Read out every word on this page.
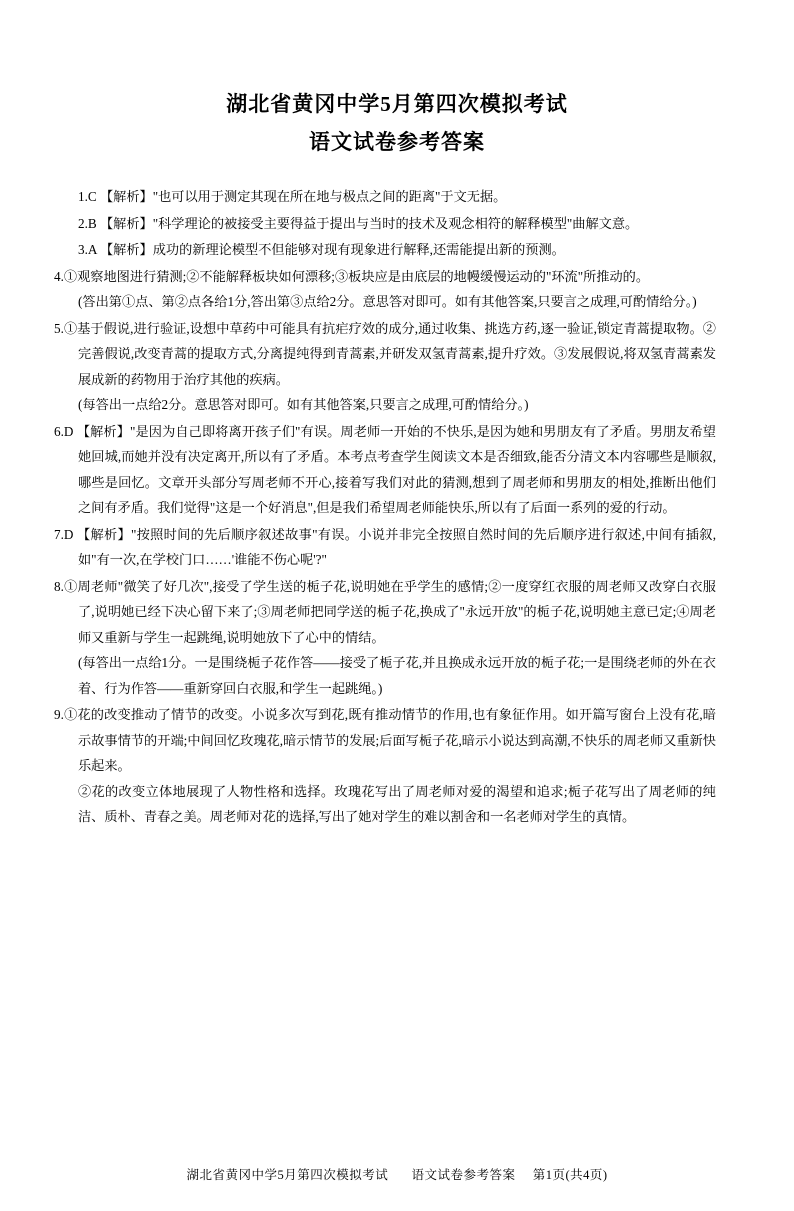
湖北省黄冈中学5月第四次模拟考试
语文试卷参考答案

1.C 【解析】"也可以用于测定其现在所在地与极点之间的距离"于文无据。

2.B 【解析】"科学理论的被接受主要得益于提出与当时的技术及观念相符的解释模型"曲解文意。

3.A 【解析】成功的新理论模型不但能够对现有现象进行解释,还需能提出新的预测。

4.①观察地图进行猜测;②不能解释板块如何漂移;③板块应是由底层的地幔缓慢运动的"环流"所推动的。

(答出第①点、第②点各给1分,答出第③点给2分。意思答对即可。如有其他答案,只要言之成理,可酌情给分。)

5.①基于假说,进行验证,设想中草药中可能具有抗疟疗效的成分,通过收集、挑选方药,逐一验证,锁定青蒿提取物。②完善假说,改变青蒿的提取方式,分离提纯得到青蒿素,并研发双氢青蒿素,提升疗效。③发展假说,将双氢青蒿素发展成新的药物用于治疗其他的疾病。

(每答出一点给2分。意思答对即可。如有其他答案,只要言之成理,可酌情给分。)

6.D 【解析】"是因为自己即将离开孩子们"有误。周老师一开始的不快乐,是因为她和男朋友有了矛盾。男朋友希望她回城,而她并没有决定离开,所以有了矛盾。本考点考查学生阅读文本是否细致,能否分清文本内容哪些是顺叙,哪些是回忆。文章开头部分写周老师不开心,接着写我们对此的猜测,想到了周老师和男朋友的相处,推断出他们之间有矛盾。我们觉得"这是一个好消息",但是我们希望周老师能快乐,所以有了后面一系列的爱的行动。

7.D 【解析】"按照时间的先后顺序叙述故事"有误。小说并非完全按照自然时间的先后顺序进行叙述,中间有插叙,如"有一次,在学校门口……'谁能不伤心呢'?"

8.①周老师"微笑了好几次",接受了学生送的栀子花,说明她在乎学生的感情;②一度穿红衣服的周老师又改穿白衣服了,说明她已经下决心留下来了;③周老师把同学送的栀子花,换成了"永远开放"的栀子花,说明她主意已定;④周老师又重新与学生一起跳绳,说明她放下了心中的情结。

(每答出一点给1分。一是围绕栀子花作答——接受了栀子花,并且换成永远开放的栀子花;一是围绕老师的外在衣着、行为作答——重新穿回白衣服,和学生一起跳绳。)

9.①花的改变推动了情节的改变。小说多次写到花,既有推动情节的作用,也有象征作用。如开篇写窗台上没有花,暗示故事情节的开端;中间回忆玫瑰花,暗示情节的发展;后面写栀子花,暗示小说达到高潮,不快乐的周老师又重新快乐起来。

②花的改变立体地展现了人物性格和选择。玫瑰花写出了周老师对爱的渴望和追求;栀子花写出了周老师的纯洁、质朴、青春之美。周老师对花的选择,写出了她对学生的难以割舍和一名老师对学生的真情。

湖北省黄冈中学5月第四次模拟考试 语文试卷参考答案 第1页(共4页)
